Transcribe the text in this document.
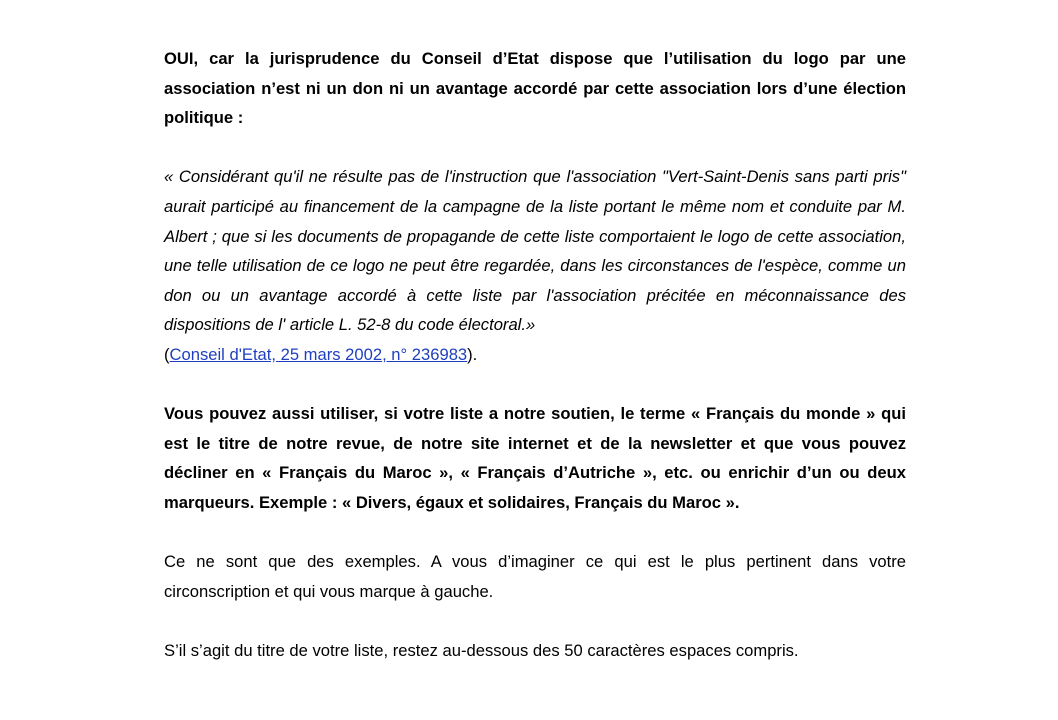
OUI, car la jurisprudence du Conseil d’Etat dispose que l’utilisation du logo par une association n’est ni un don ni un avantage accordé par cette association lors d’une élection politique :

« Considérant qu'il ne résulte pas de l'instruction que l'association "Vert-Saint-Denis sans parti pris" aurait participé au financement de la campagne de la liste portant le même nom et conduite par M. Albert ; que si les documents de propagande de cette liste comportaient le logo de cette association, une telle utilisation de ce logo ne peut être regardée, dans les circonstances de l'espèce, comme un don ou un avantage accordé à cette liste par l'association précitée en méconnaissance des dispositions de l' article L. 52-8 du code électoral.»

(Conseil d'Etat, 25 mars 2002, n° 236983).

Vous pouvez aussi utiliser, si votre liste a notre soutien, le terme « Français du monde » qui est le titre de notre revue, de notre site internet et de la newsletter et que vous pouvez décliner en « Français du Maroc », « Français d’Autriche », etc. ou enrichir d’un ou deux marqueurs. Exemple : « Divers, égaux et solidaires, Français du Maroc ».

Ce ne sont que des exemples. A vous d’imaginer ce qui est le plus pertinent dans votre circonscription et qui vous marque à gauche.

S’il s’agit du titre de votre liste, restez au-dessous des 50 caractères espaces compris.
